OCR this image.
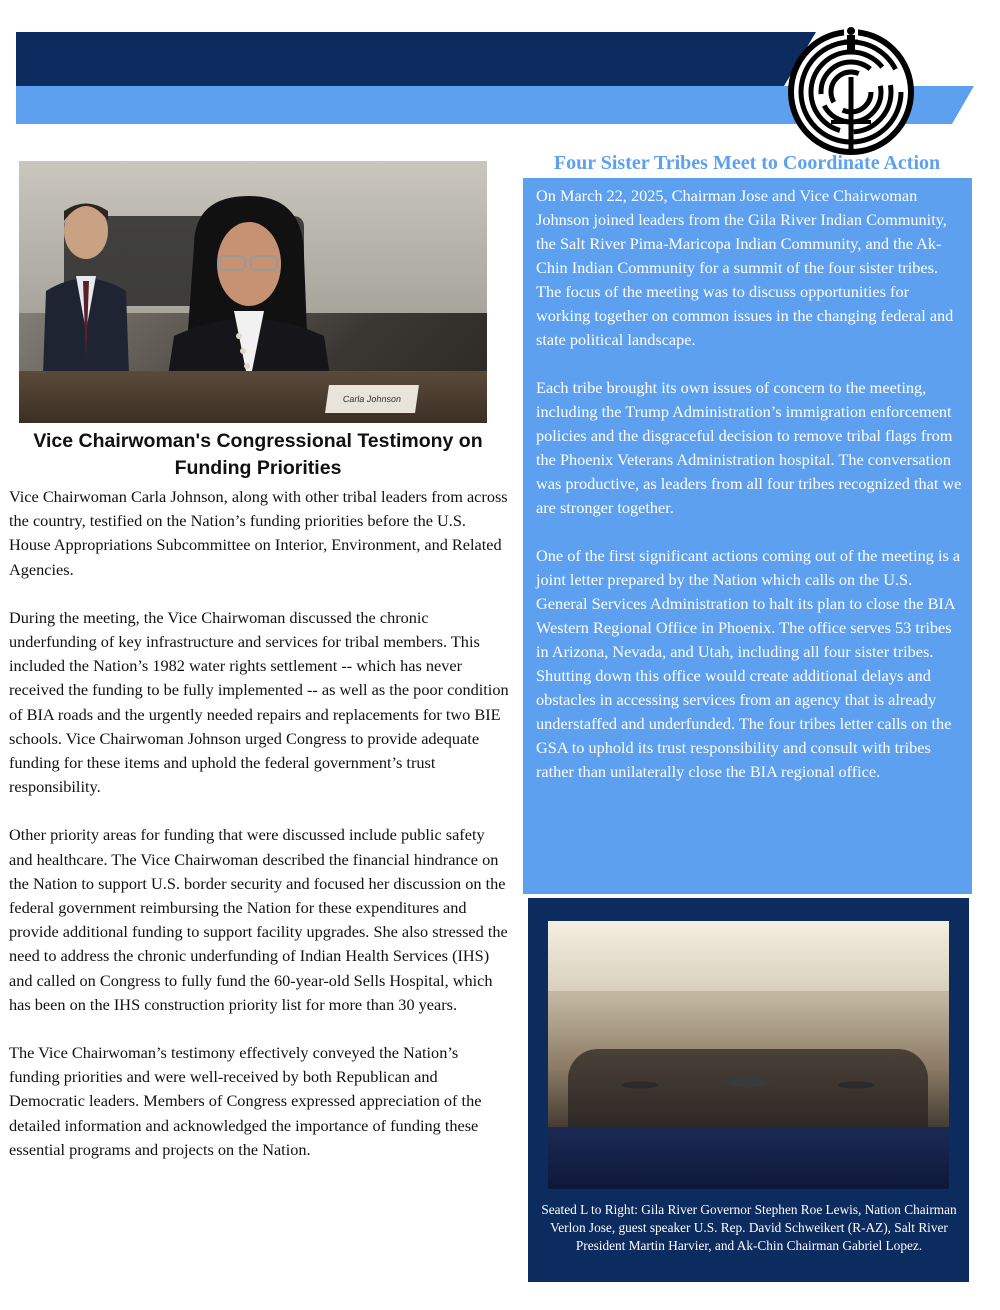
Carla Johnson
Vice Chairwoman's Congressional Testimony on Funding Priorities

Vice Chairwoman Carla Johnson, along with other tribal leaders from across the country, testified on the Nation’s funding priorities before the U.S. House Appropriations Subcommittee on Interior, Environment, and Related Agencies.

During the meeting, the Vice Chairwoman discussed the chronic underfunding of key infrastructure and services for tribal members. This included the Nation’s 1982 water rights settlement -- which has never received the funding to be fully implemented -- as well as the poor condition of BIA roads and the urgently needed repairs and replacements for two BIE schools. Vice Chairwoman Johnson urged Congress to provide adequate funding for these items and uphold the federal government’s trust responsibility.

Other priority areas for funding that were discussed include public safety and healthcare. The Vice Chairwoman described the financial hindrance on the Nation to support U.S. border security and focused her discussion on the federal government reimbursing the Nation for these expenditures and provide additional funding to support facility upgrades. She also stressed the need to address the chronic underfunding of Indian Health Services (IHS) and called on Congress to fully fund the 60-year-old Sells Hospital, which has been on the IHS construction priority list for more than 30 years.

The Vice Chairwoman’s testimony effectively conveyed the Nation’s funding priorities and were well-received by both Republican and Democratic leaders. Members of Congress expressed appreciation of the detailed information and acknowledged the importance of funding these essential programs and projects on the Nation.

Four Sister Tribes Meet to Coordinate Action

On March 22, 2025, Chairman Jose and Vice Chairwoman Johnson joined leaders from the Gila River Indian Community, the Salt River Pima-Maricopa Indian Community, and the Ak-Chin Indian Community for a summit of the four sister tribes. The focus of the meeting was to discuss opportunities for working together on common issues in the changing federal and state political landscape.

Each tribe brought its own issues of concern to the meeting, including the Trump Administration’s immigration enforcement policies and the disgraceful decision to remove tribal flags from the Phoenix Veterans Administration hospital. The conversation was productive, as leaders from all four tribes recognized that we are stronger together.

One of the first significant actions coming out of the meeting is a joint letter prepared by the Nation which calls on the U.S. General Services Administration to halt its plan to close the BIA Western Regional Office in Phoenix. The office serves 53 tribes in Arizona, Nevada, and Utah, including all four sister tribes. Shutting down this office would create additional delays and obstacles in accessing services from an agency that is already understaffed and underfunded. The four tribes letter calls on the GSA to uphold its trust responsibility and consult with tribes rather than unilaterally close the BIA regional office.

Seated L to Right: Gila River Governor Stephen Roe Lewis, Nation Chairman Verlon Jose, guest speaker U.S. Rep. David Schweikert (R-AZ), Salt River President Martin Harvier, and Ak-Chin Chairman Gabriel Lopez.
